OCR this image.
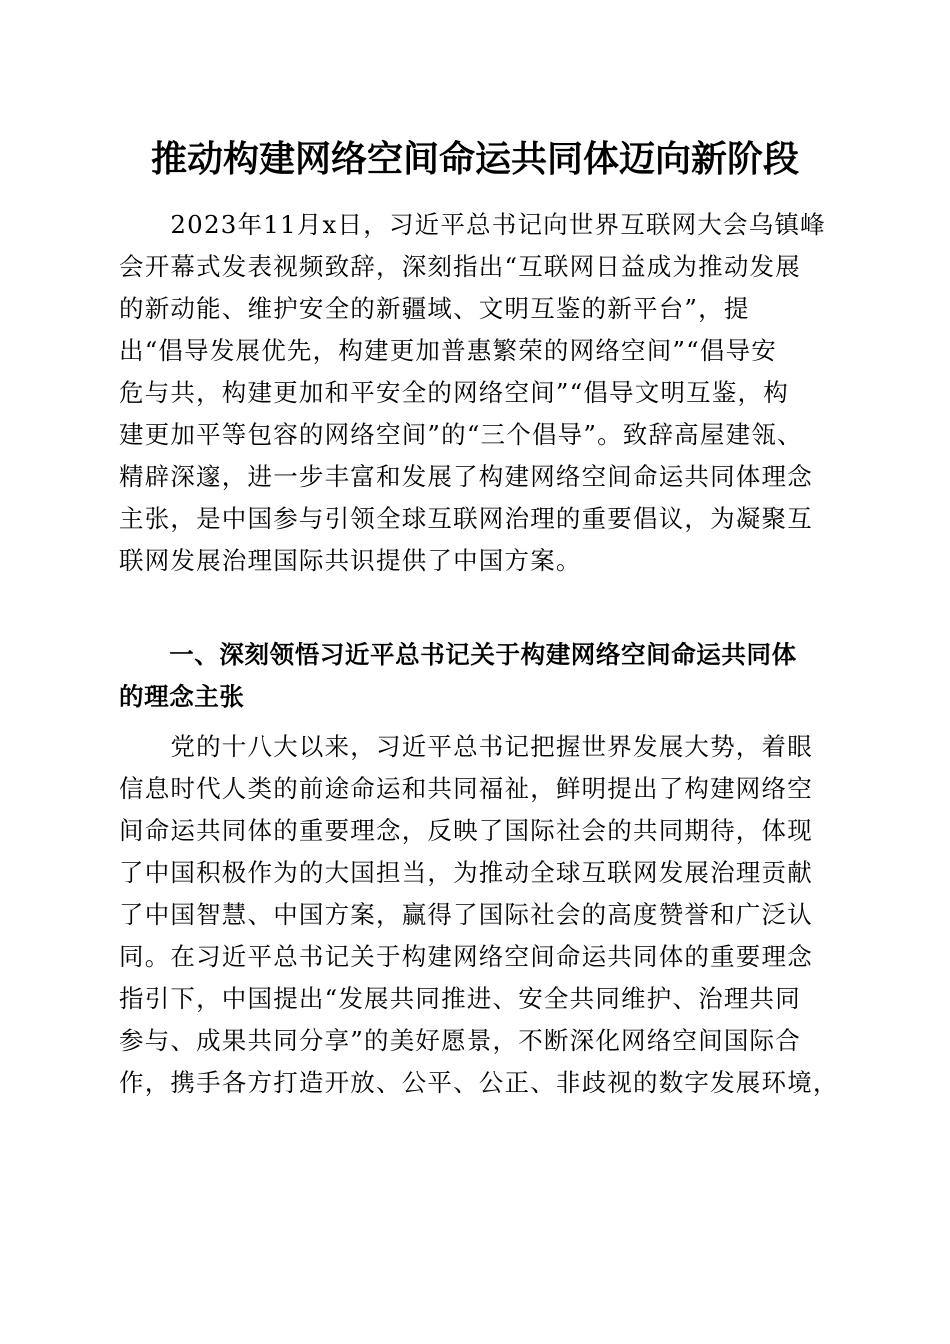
推动构建网络空间命运共同体迈向新阶段
　　2023年11月x日，习近平总书记向世界互联网大会乌镇峰
会开幕式发表视频致辞，深刻指出“互联网日益成为推动发展
的新动能、维护安全的新疆域、文明互鉴的新平台”，提
出“倡导发展优先，构建更加普惠繁荣的网络空间”“倡导安
危与共，构建更加和平安全的网络空间”“倡导文明互鉴，构
建更加平等包容的网络空间”的“三个倡导”。致辞高屋建瓴、
精辟深邃，进一步丰富和发展了构建网络空间命运共同体理念
主张，是中国参与引领全球互联网治理的重要倡议，为凝聚互
联网发展治理国际共识提供了中国方案。
　　一、深刻领悟习近平总书记关于构建网络空间命运共同体
的理念主张
　　党的十八大以来，习近平总书记把握世界发展大势，着眼
信息时代人类的前途命运和共同福祉，鲜明提出了构建网络空
间命运共同体的重要理念，反映了国际社会的共同期待，体现
了中国积极作为的大国担当，为推动全球互联网发展治理贡献
了中国智慧、中国方案，赢得了国际社会的高度赞誉和广泛认
同。在习近平总书记关于构建网络空间命运共同体的重要理念
指引下，中国提出“发展共同推进、安全共同维护、治理共同
参与、成果共同分享”的美好愿景，不断深化网络空间国际合
作，携手各方打造开放、公平、公正、非歧视的数字发展环境，
